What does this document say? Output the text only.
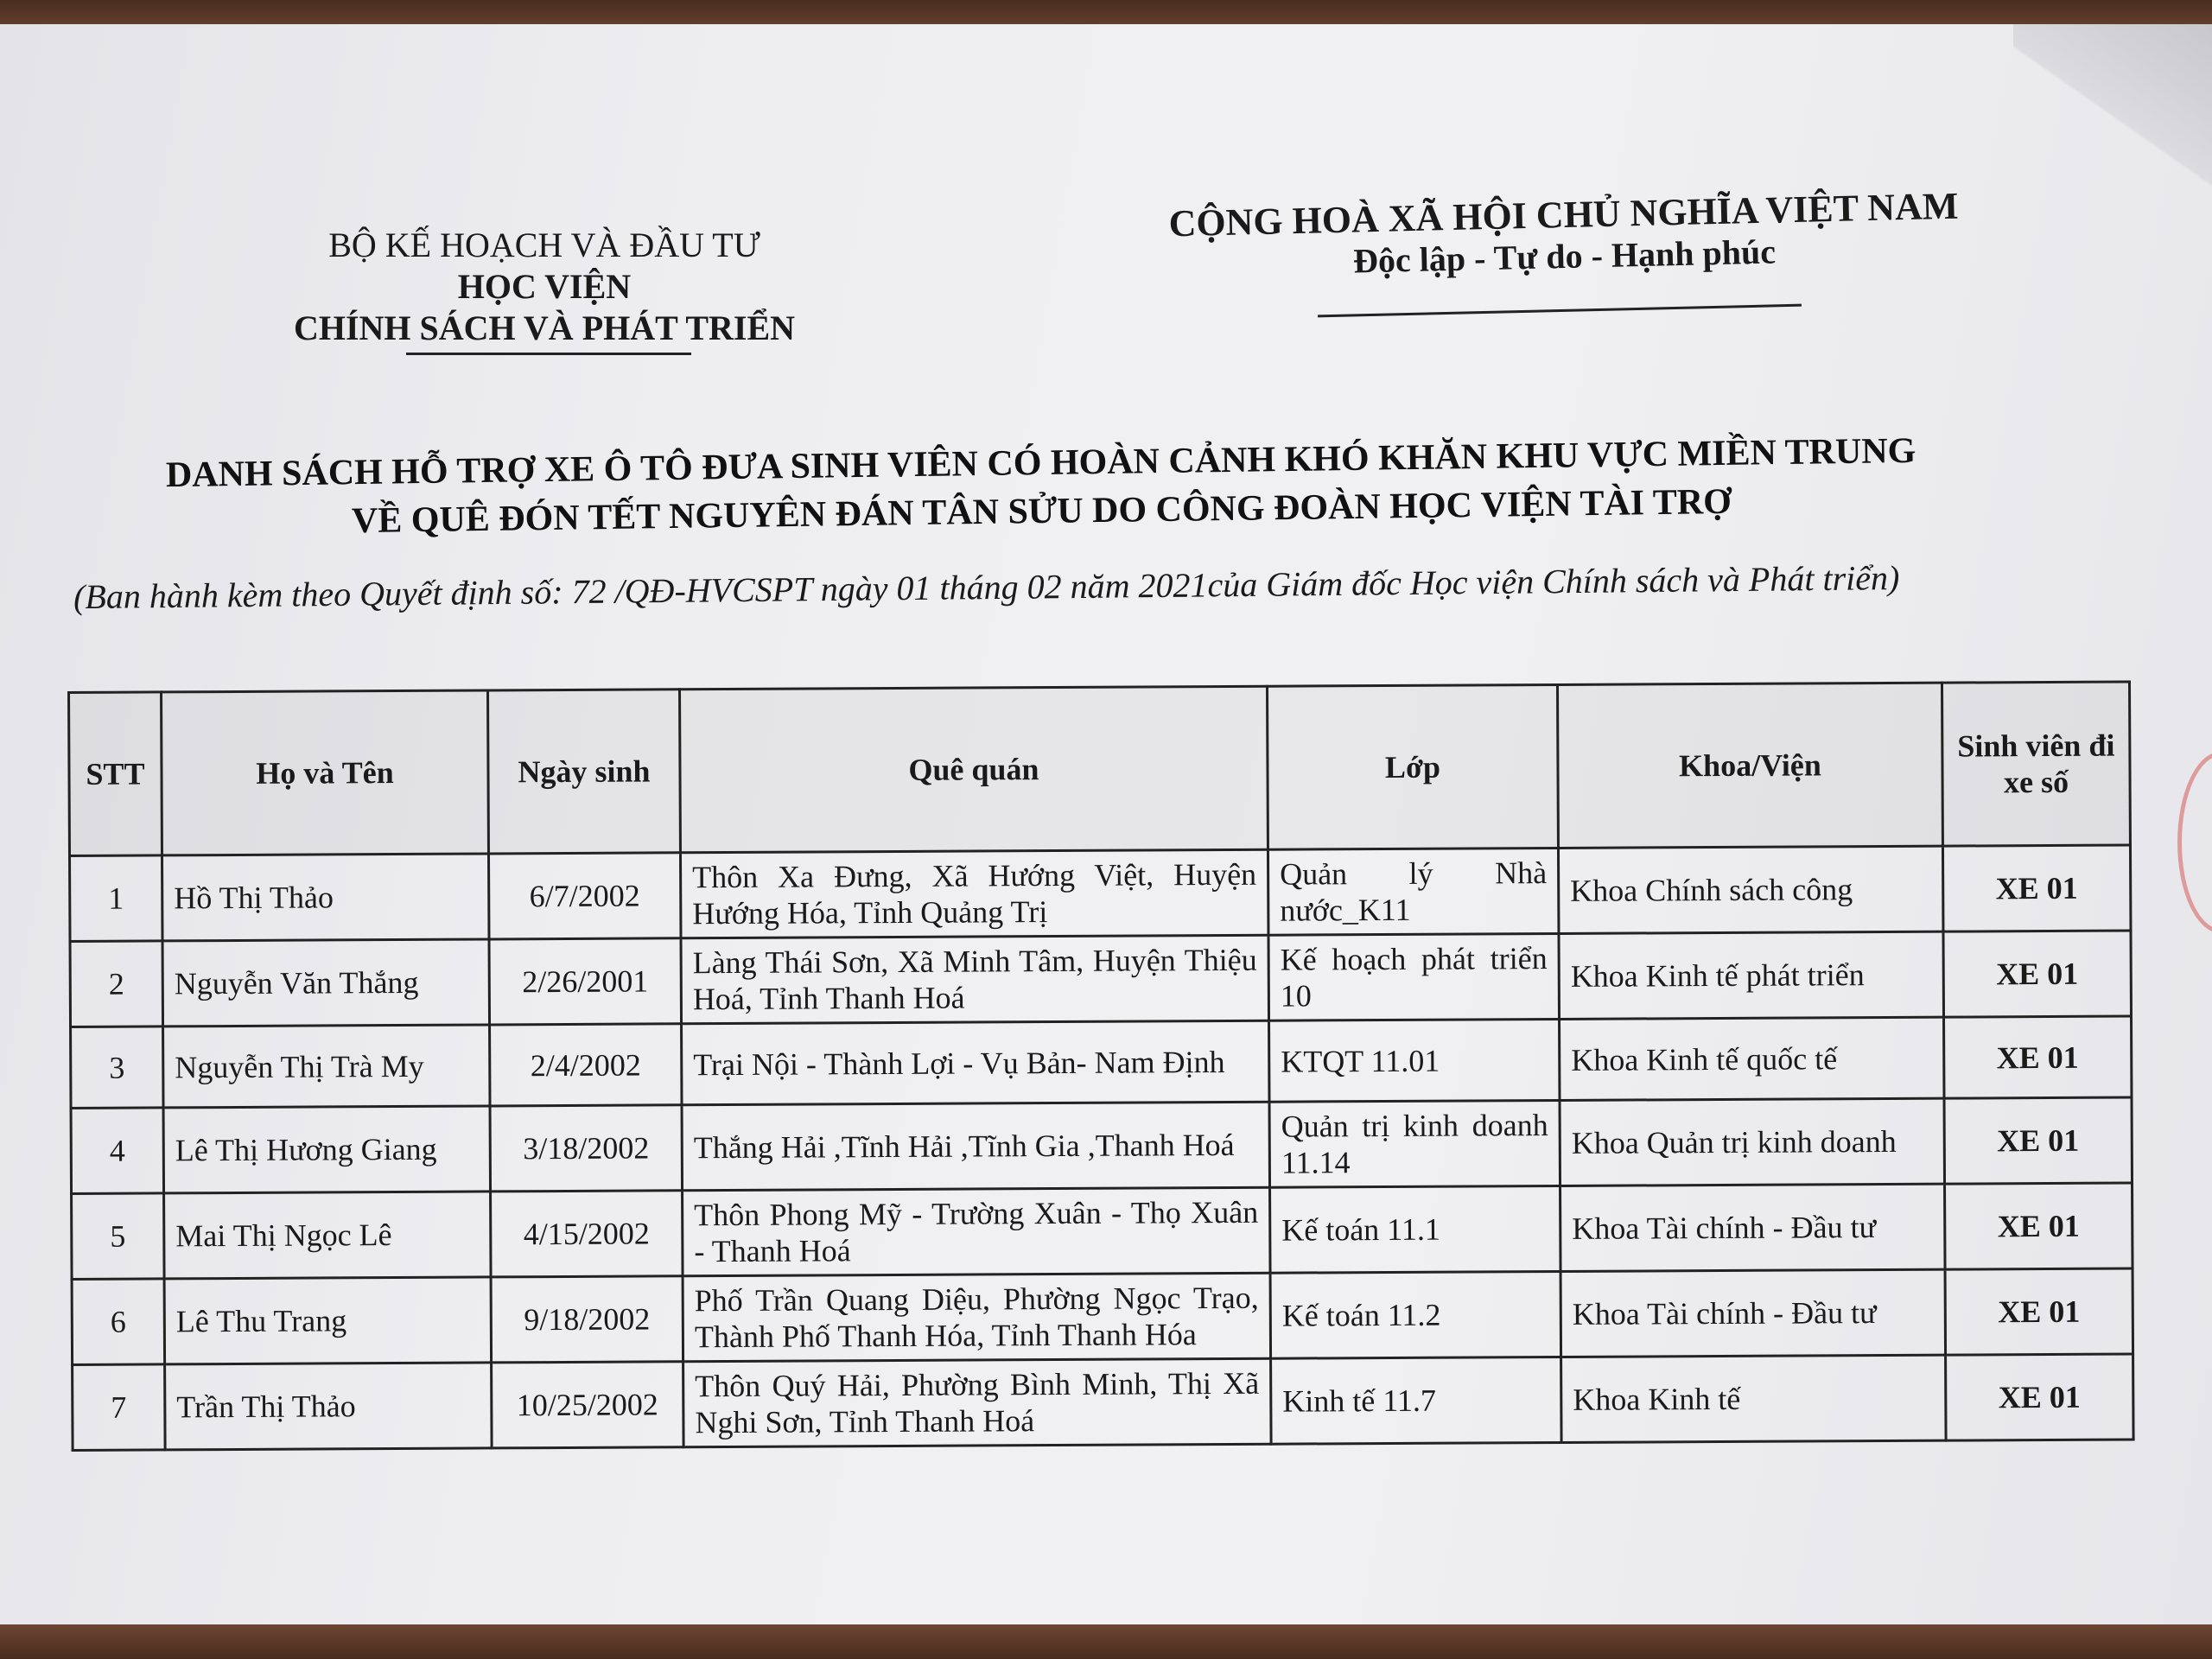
BỘ KẾ HOẠCH VÀ ĐẦU TƯ
HỌC VIỆN
CHÍNH SÁCH VÀ PHÁT TRIỂN
CỘNG HOÀ XÃ HỘI CHỦ NGHĨA VIỆT NAM
Độc lập - Tự do - Hạnh phúc
DANH SÁCH HỖ TRỢ XE Ô TÔ ĐƯA SINH VIÊN CÓ HOÀN CẢNH KHÓ KHĂN KHU VỰC MIỀN TRUNG
VỀ QUÊ ĐÓN TẾT NGUYÊN ĐÁN TÂN SỬU DO CÔNG ĐOÀN HỌC VIỆN TÀI TRỢ
(Ban hành kèm theo Quyết định số: 72 /QĐ-HVCSPT ngày 01 tháng 02 năm 2021của Giám đốc Học viện Chính sách và Phát triển)
STT	Họ và Tên	Ngày sinh	Quê quán	Lớp	Khoa/Viện	Sinh viên đi xe số
1	Hồ Thị Thảo	6/7/2002	Thôn Xa Đưng, Xã Hướng Việt, Huyện Hướng Hóa, Tỉnh Quảng Trị	Quản lý Nhà nước_K11	Khoa Chính sách công	XE 01
2	Nguyễn Văn Thắng	2/26/2001	Làng Thái Sơn, Xã Minh Tâm, Huyện Thiệu Hoá, Tỉnh Thanh Hoá	Kế hoạch phát triển 10	Khoa Kinh tế phát triển	XE 01
3	Nguyễn Thị Trà My	2/4/2002	Trại Nội - Thành Lợi - Vụ Bản- Nam Định	KTQT 11.01	Khoa Kinh tế quốc tế	XE 01
4	Lê Thị Hương Giang	3/18/2002	Thắng Hải ,Tĩnh Hải ,Tĩnh Gia ,Thanh Hoá	Quản trị kinh doanh 11.14	Khoa Quản trị kinh doanh	XE 01
5	Mai Thị Ngọc Lê	4/15/2002	Thôn Phong Mỹ - Trường Xuân - Thọ Xuân - Thanh Hoá	Kế toán 11.1	Khoa Tài chính - Đầu tư	XE 01
6	Lê Thu Trang	9/18/2002	Phố Trần Quang Diệu, Phường Ngọc Trạo, Thành Phố Thanh Hóa, Tỉnh Thanh Hóa	Kế toán 11.2	Khoa Tài chính - Đầu tư	XE 01
7	Trần Thị Thảo	10/25/2002	Thôn Quý Hải, Phường Bình Minh, Thị Xã Nghi Sơn, Tỉnh Thanh Hoá	Kinh tế 11.7	Khoa Kinh tế	XE 01
